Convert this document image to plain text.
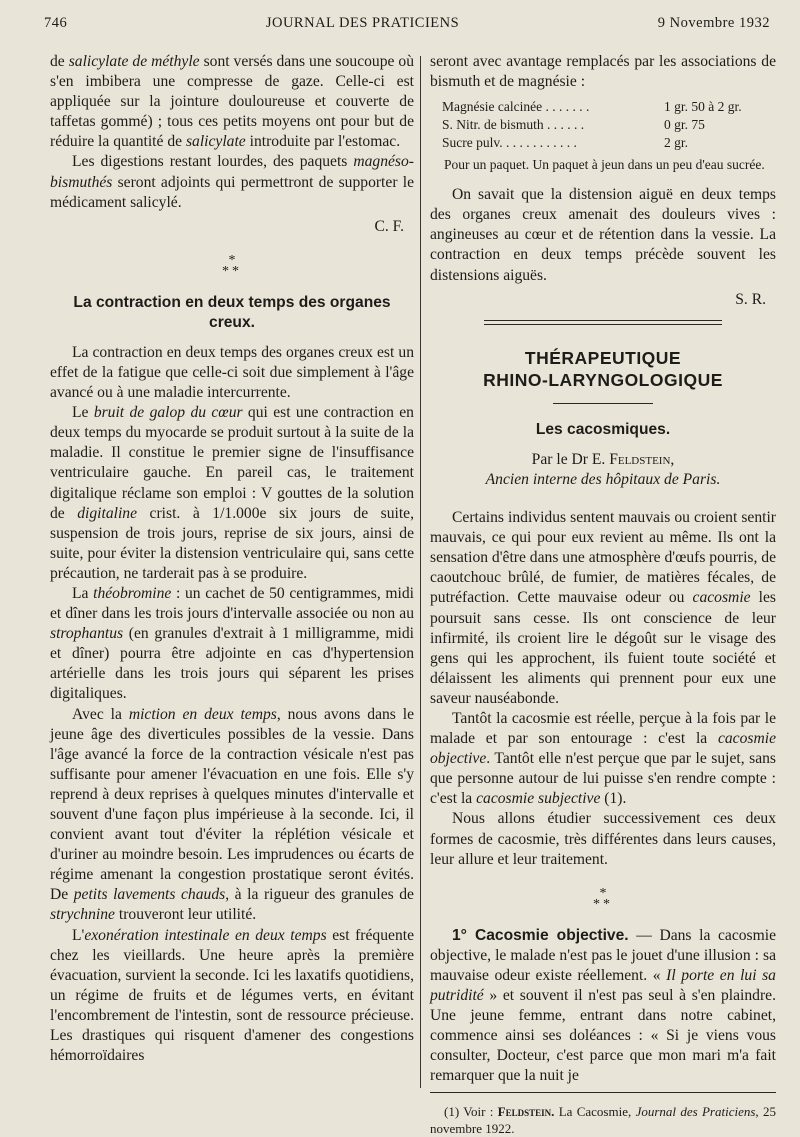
746	JOURNAL DES PRATICIENS	9 Novembre 1932

de salicylate de méthyle sont versés dans une soucoupe où s'en imbibera une compresse de gaze. Celle-ci est appliquée sur la jointure douloureuse et couverte de taffetas gommé) ; tous ces petits moyens ont pour but de réduire la quantité de salicylate introduite par l'estomac.

Les digestions restant lourdes, des paquets magnéso-bismuthés seront adjoints qui permettront de supporter le médicament salicylé.

C. F.

*
**

La contraction en deux temps des organes creux.

La contraction en deux temps des organes creux est un effet de la fatigue que celle-ci soit due simplement à l'âge avancé ou à une maladie intercurrente.

Le bruit de galop du cœur qui est une contraction en deux temps du myocarde se produit surtout à la suite de la maladie. Il constitue le premier signe de l'insuffisance ventriculaire gauche. En pareil cas, le traitement digitalique réclame son emploi : V gouttes de la solution de digitaline crist. à 1/1.000e six jours de suite, suspension de trois jours, reprise de six jours, ainsi de suite, pour éviter la distension ventriculaire qui, sans cette précaution, ne tarderait pas à se produire.

La théobromine : un cachet de 50 centigrammes, midi et dîner dans les trois jours d'intervalle associée ou non au strophantus (en granules d'extrait à 1 milligramme, midi et dîner) pourra être adjointe en cas d'hypertension artérielle dans les trois jours qui séparent les prises digitaliques.

Avec la miction en deux temps, nous avons dans le jeune âge des diverticules possibles de la vessie. Dans l'âge avancé la force de la contraction vésicale n'est pas suffisante pour amener l'évacuation en une fois. Elle s'y reprend à deux reprises à quelques minutes d'intervalle et souvent d'une façon plus impérieuse à la seconde. Ici, il convient avant tout d'éviter la réplétion vésicale et d'uriner au moindre besoin. Les imprudences ou écarts de régime amenant la congestion prostatique seront évités. De petits lavements chauds, à la rigueur des granules de strychnine trouveront leur utilité.

L'exonération intestinale en deux temps est fréquente chez les vieillards. Une heure après la première évacuation, survient la seconde. Ici les laxatifs quotidiens, un régime de fruits et de légumes verts, en évitant l'encombrement de l'intestin, sont de ressource précieuse. Les drastiques qui risquent d'amener des congestions hémorroïdaires

seront avec avantage remplacés par les associations de bismuth et de magnésie :

Magnésie calcinée . . . . . . .	1 gr. 50 à 2 gr.
S. Nitr. de bismuth . . . . . .	0 gr. 75
Sucre pulv. . . . . . . . . . . .	2 gr.

Pour un paquet. Un paquet à jeun dans un peu d'eau sucrée.

On savait que la distension aiguë en deux temps des organes creux amenait des douleurs vives : angineuses au cœur et de rétention dans la vessie. La contraction en deux temps précède souvent les distensions aiguës.

S. R.

THÉRAPEUTIQUE
RHINO-LARYNGOLOGIQUE

Les cacosmiques.

Par le Dr E. Feldstein,

Ancien interne des hôpitaux de Paris.

Certains individus sentent mauvais ou croient sentir mauvais, ce qui pour eux revient au même. Ils ont la sensation d'être dans une atmosphère d'œufs pourris, de caoutchouc brûlé, de fumier, de matières fécales, de putréfaction. Cette mauvaise odeur ou cacosmie les poursuit sans cesse. Ils ont conscience de leur infirmité, ils croient lire le dégoût sur le visage des gens qui les approchent, ils fuient toute société et délaissent les aliments qui prennent pour eux une saveur nauséabonde.

Tantôt la cacosmie est réelle, perçue à la fois par le malade et par son entourage : c'est la cacosmie objective. Tantôt elle n'est perçue que par le sujet, sans que personne autour de lui puisse s'en rendre compte : c'est la cacosmie subjective (1).

Nous allons étudier successivement ces deux formes de cacosmie, très différentes dans leurs causes, leur allure et leur traitement.

*
**

1° Cacosmie objective. — Dans la cacosmie objective, le malade n'est pas le jouet d'une illusion : sa mauvaise odeur existe réellement. « Il porte en lui sa putridité » et souvent il n'est pas seul à s'en plaindre. Une jeune femme, entrant dans notre cabinet, commence ainsi ses doléances : « Si je viens vous consulter, Docteur, c'est parce que mon mari m'a fait remarquer que la nuit je

(1) Voir : Feldstein. La Cacosmie, Journal des Praticiens, 25 novembre 1922.
